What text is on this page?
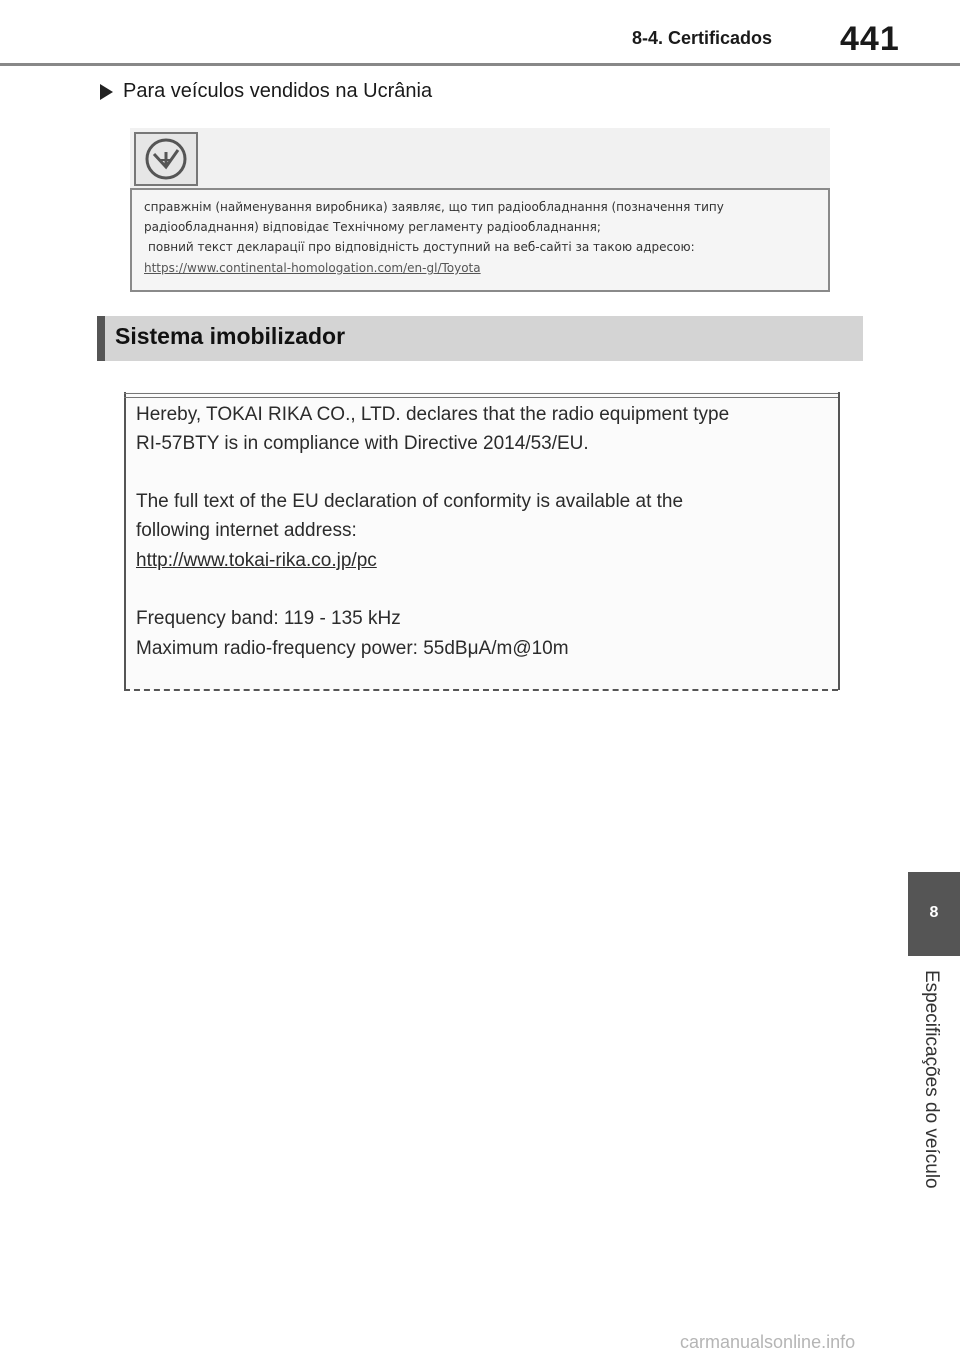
8-4. Certificados 441
Para veículos vendidos na Ucrânia
справжнім (найменування виробника) заявляє, що тип радіообладнання (позначення типу
радіообладнання) відповідає Технічному регламенту радіообладнання;
повний текст декларації про відповідність доступний на веб-сайті за такою адресою:
https://www.continental-homologation.com/en-gl/Toyota
Sistema imobilizador
Hereby, TOKAI RIKA CO., LTD. declares that the radio equipment type
RI-57BTY is in compliance with Directive 2014/53/EU.
The full text of the EU declaration of conformity is available at the
following internet address:
http://www.tokai-rika.co.jp/pc
Frequency band: 119 - 135 kHz
Maximum radio-frequency power: 55dBμA/m@10m
8
Especificações do veículo
carmanualsonline.info
